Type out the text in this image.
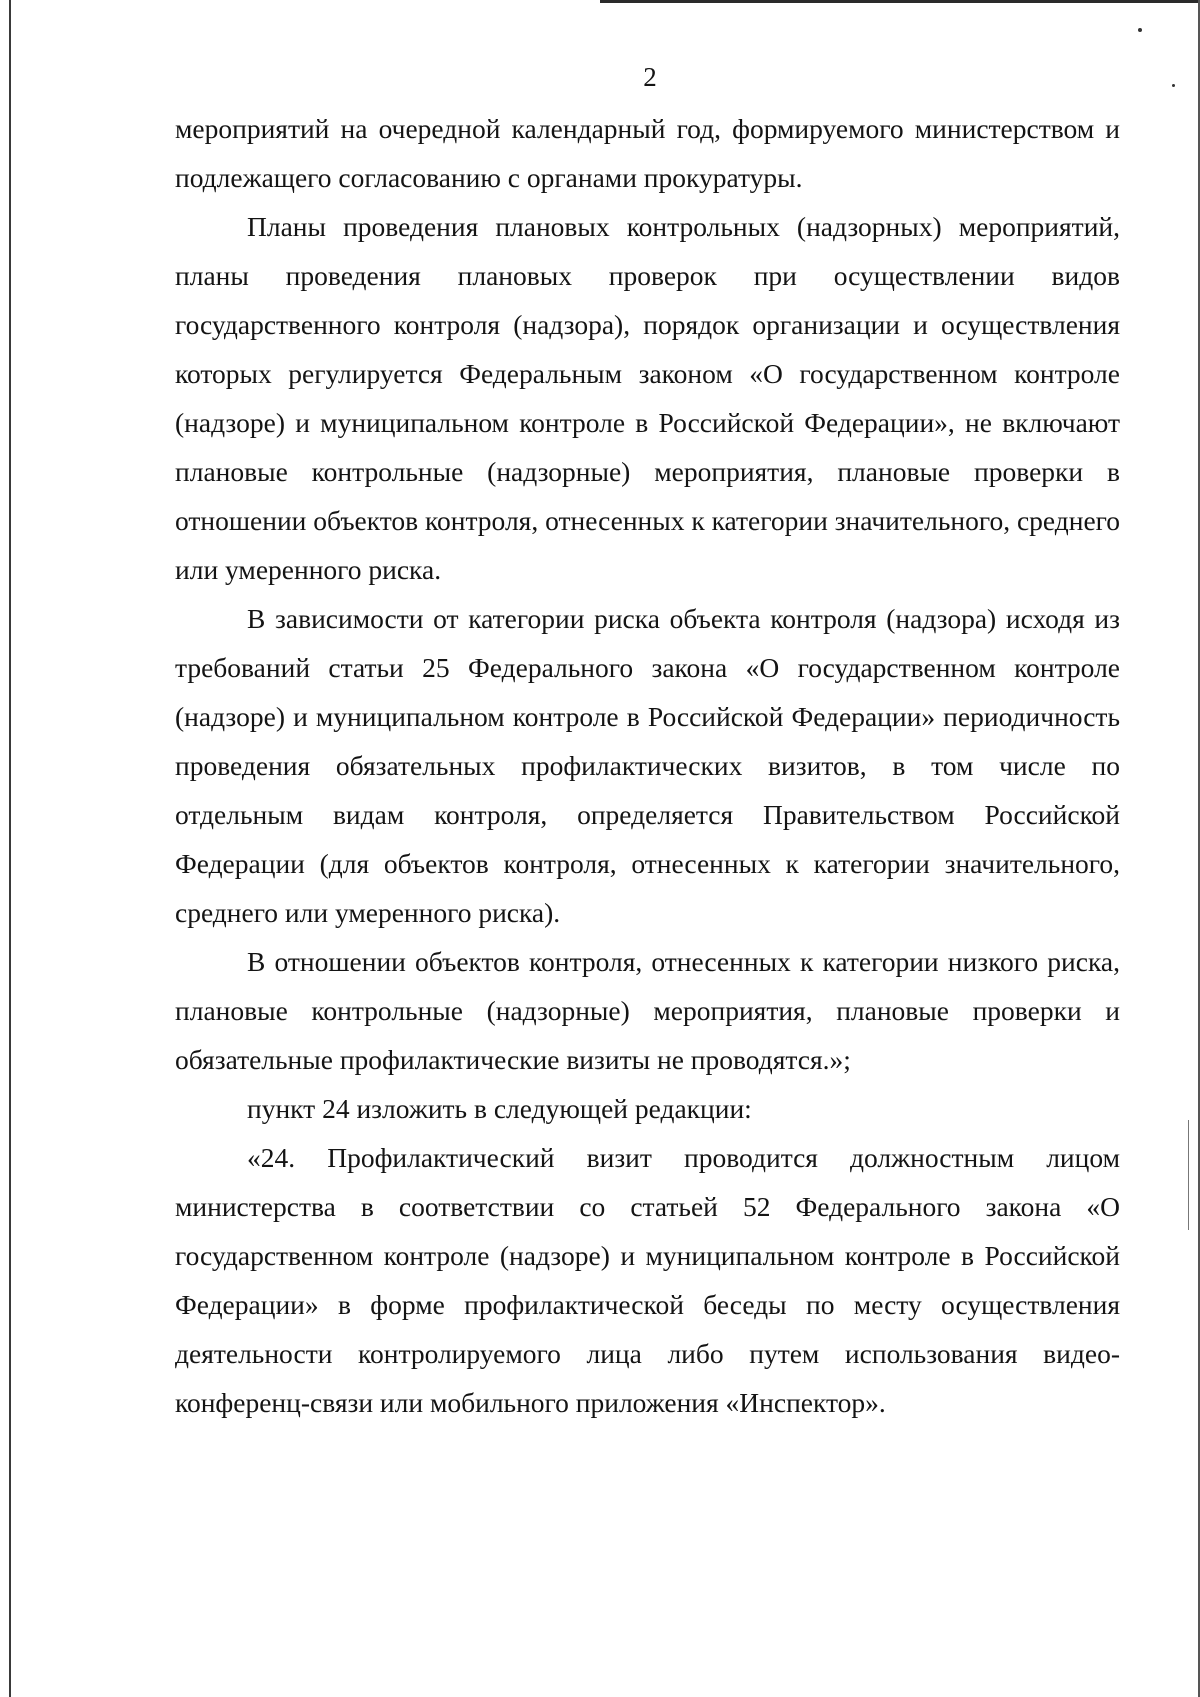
2

мероприятий на очередной календарный год, формируемого министерством и подлежащего согласованию с органами прокуратуры.

Планы проведения плановых контрольных (надзорных) мероприятий, планы проведения плановых проверок при осуществлении видов государственного контроля (надзора), порядок организации и осуществления которых регулируется Федеральным законом «О государственном контроле (надзоре) и муниципальном контроле в Российской Федерации», не включают плановые контрольные (надзорные) мероприятия, плановые проверки в отношении объектов контроля, отнесенных к категории значительного, среднего или умеренного риска.

В зависимости от категории риска объекта контроля (надзора) исходя из требований статьи 25 Федерального закона «О государственном контроле (надзоре) и муниципальном контроле в Российской Федерации» периодичность проведения обязательных профилактических визитов, в том числе по отдельным видам контроля, определяется Правительством Российской Федерации (для объектов контроля, отнесенных к категории значительного, среднего или умеренного риска).

В отношении объектов контроля, отнесенных к категории низкого риска, плановые контрольные (надзорные) мероприятия, плановые проверки и обязательные профилактические визиты не проводятся.»;

пункт 24 изложить в следующей редакции:

«24. Профилактический визит проводится должностным лицом министерства в соответствии со статьей 52 Федерального закона «О государственном контроле (надзоре) и муниципальном контроле в Российской Федерации» в форме профилактической беседы по месту осуществления деятельности контролируемого лица либо путем использования видео-конференц-связи или мобильного приложения «Инспектор».
